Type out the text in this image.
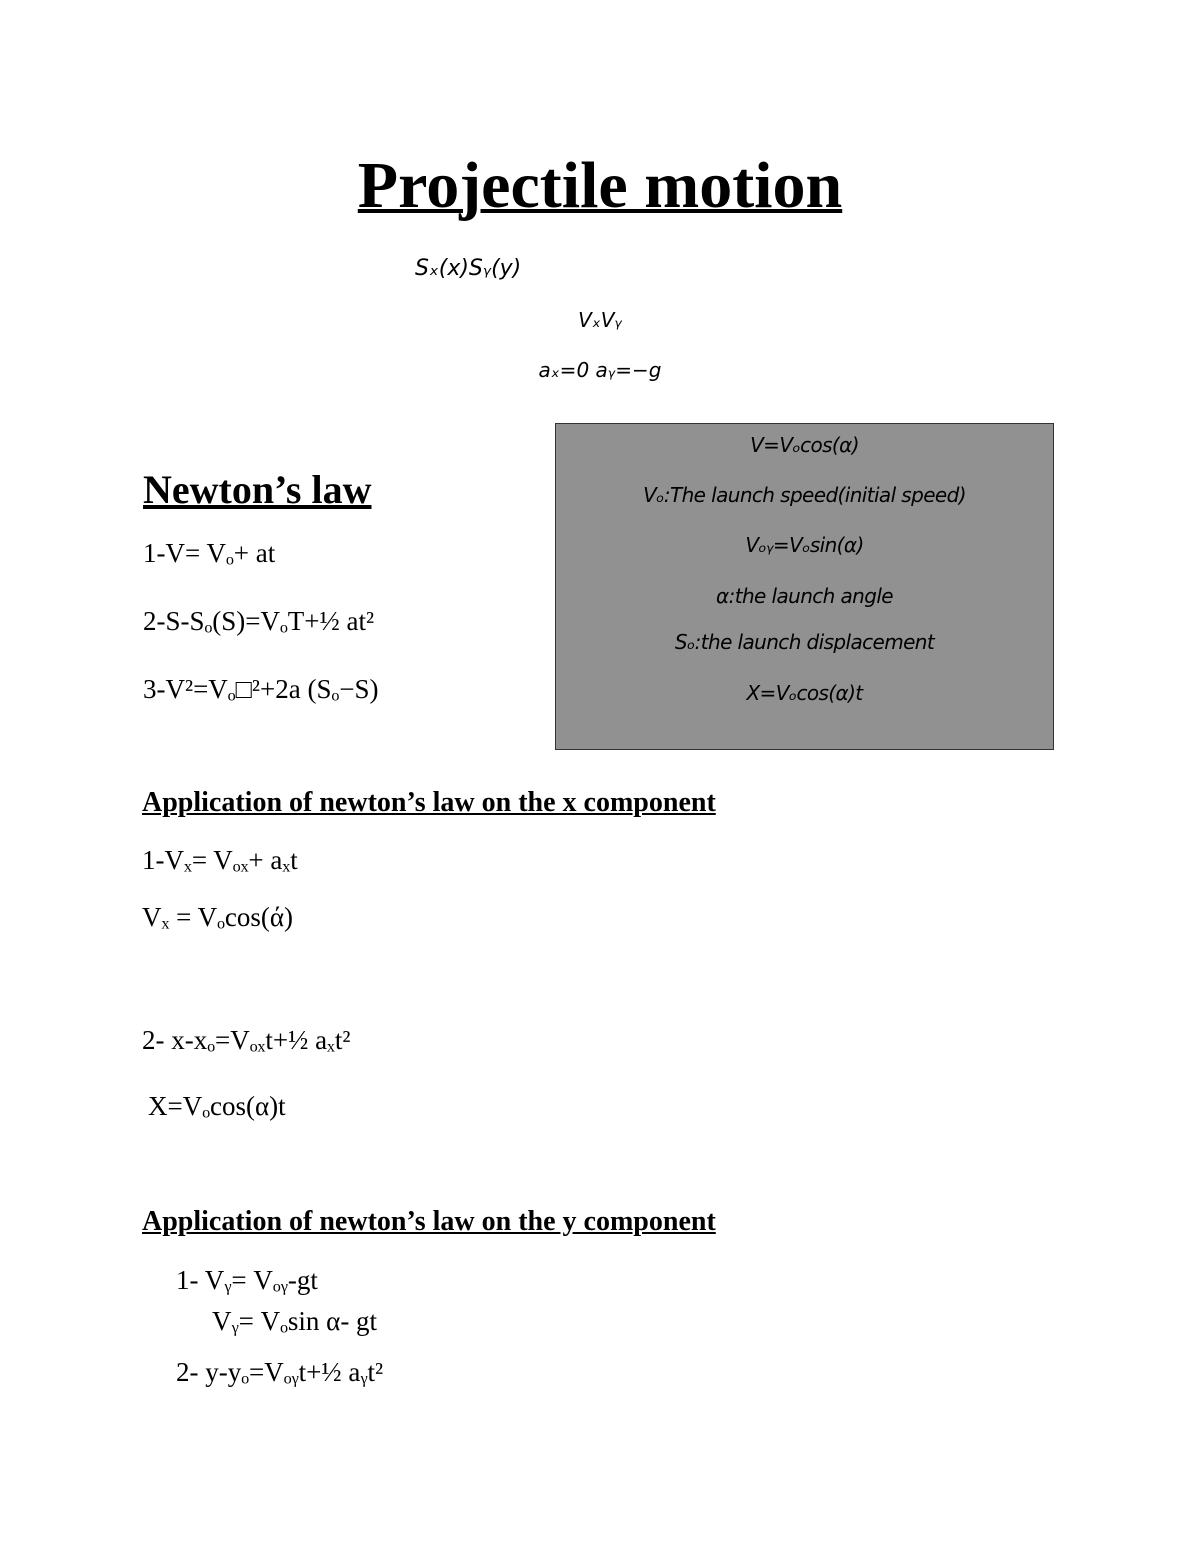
Projectile motion
Sₓ(x)Sᵧ(y)
VₓVᵧ
aₓ=0 aᵧ=−g
Newton’s law
1-V= Vₒ+ at
2-S-Sₒ(S)=VₒT+½ at²
3-V²=Vₒ□²+2a (Sₒ−S)
V=Vₒcos(α)
Vₒ:The launch speed(initial speed)
Vₒᵧ=Vₒsin(α)
α:the launch angle
Sₒ:the launch displacement
X=Vₒcos(α)t
Application of newton’s law on the x component
1-Vₓ= Vₒₓ+ aₓt
Vₓ = Vₒcos(ά)
2- x-xₒ=Vₒₓt+½ aₓt²
X=Vₒcos(α)t
Application of newton’s law on the y component
1- Vᵧ= Vₒᵧ-gt
Vᵧ= Vₒsin α- gt
2- y-yₒ=Vₒᵧt+½ aᵧt²
